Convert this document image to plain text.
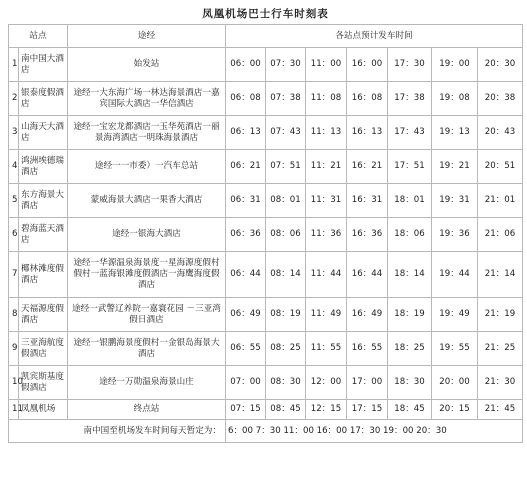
凤凰机场巴士行车时刻表									
站点		途经	各站点预计发车时间						
1	南中国大酒店	始发站	06：00	07：30	11：00	16：00	17：30	19：00	20：30
2	银泰度假酒店	途经一大东海广场一林达海景酒店一嘉宾国际大酒店一华信酒店	06：08	07：38	11：08	16：08	17：38	19：08	20：38
3	山海天大酒店	途经一宝宏龙都酒店一玉华苑酒店一丽景海湾酒店一明珠海景酒店	06：13	07：43	11：13	16：13	17：43	19：13	20：43
4	鸿洲埃德瑞酒店	途经一一市委）一汽车总站	06：21	07：51	11：21	16：21	17：51	19：21	20：51
5	东方海景大酒店	蒙威海景大酒店一果香大酒店	06：31	08：01	11：31	16：31	18：01	19：31	21：01
6	碧海蓝天酒店	途经一银海大酒店	06：36	08：06	11：36	16：36	18：06	19：36	21：06
7	椰林滩度假酒店	途经一华源温泉海景度一星海源度假村假村一蓝海银滩度假酒店一海鹰海度假酒店	06：44	08：14	11：44	16：44	18：14	19：44	21：14
8	天福源度假酒店	途经一武警辽养院一嘉寰花园 －三亚湾假日酒店	06：49	08：19	11：49	16：49	18：19	19：49	21：19
9	三亚海航度假酒店	途经一银鹏海景度假村一金银岛海景大酒店	06：55	08：25	11：55	16：55	18：25	19：55	21：25
10	凯宾斯基度假酒店	途经一万勋温泉海景山庄	07：00	08：30	12：00	17：00	18：30	20：00	21：30
11	凤凰机场	终点站	07：15	08：45	12：15	17：15	18：45	20：15	21：45
南中国至机场发车时间每天暂定为：			6：00 7：30 11：00 16：00 17：30 19：00 20：30						
